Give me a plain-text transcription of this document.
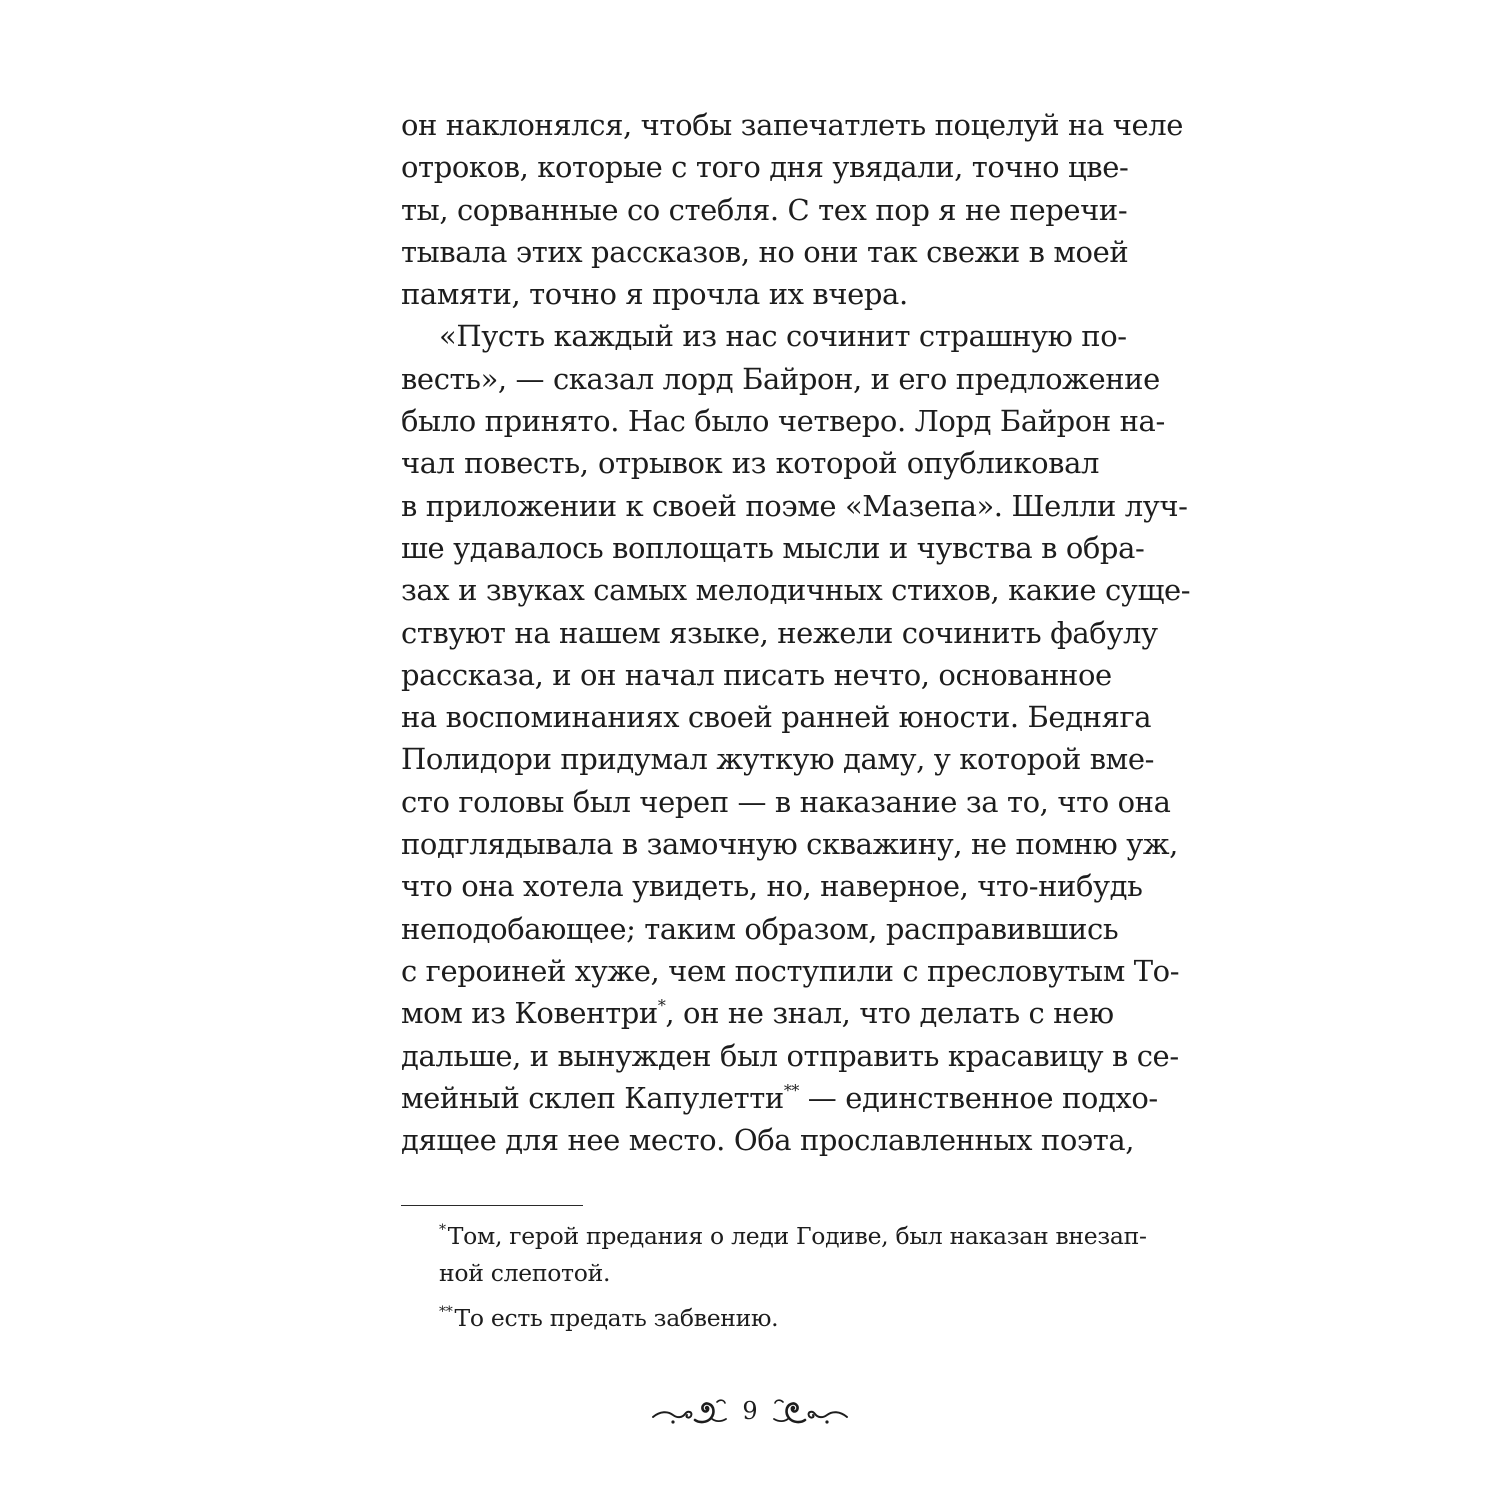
он наклонялся, чтобы запечатлеть поцелуй на челе
отроков, которые с того дня увядали, точно цве-
ты, сорванные со стебля. С тех пор я не перечи-
тывала этих рассказов, но они так свежи в моей
памяти, точно я прочла их вчера.
«Пусть каждый из нас сочинит страшную по-
весть», — сказал лорд Байрон, и его предложение
было принято. Нас было четверо. Лорд Байрон на-
чал повесть, отрывок из которой опубликовал
в приложении к своей поэме «Мазепа». Шелли луч-
ше удавалось воплощать мысли и чувства в обра-
зах и звуках самых мелодичных стихов, какие суще-
ствуют на нашем языке, нежели сочинить фабулу
рассказа, и он начал писать нечто, основанное
на воспоминаниях своей ранней юности. Бедняга
Полидори придумал жуткую даму, у которой вме-
сто головы был череп — в наказание за то, что она
подглядывала в замочную скважину, не помню уж,
что она хотела увидеть, но, наверное, что-нибудь
неподобающее; таким образом, расправившись
с героиней хуже, чем поступили с пресловутым То-
мом из Ковентри*, он не знал, что делать с нею
дальше, и вынужден был отправить красавицу в се-
мейный склеп Капулетти** — единственное подхо-
дящее для нее место. Оба прославленных поэта,
*Том, герой предания о леди Годиве, был наказан внезап-
ной слепотой.
**То есть предать забвению.
9
